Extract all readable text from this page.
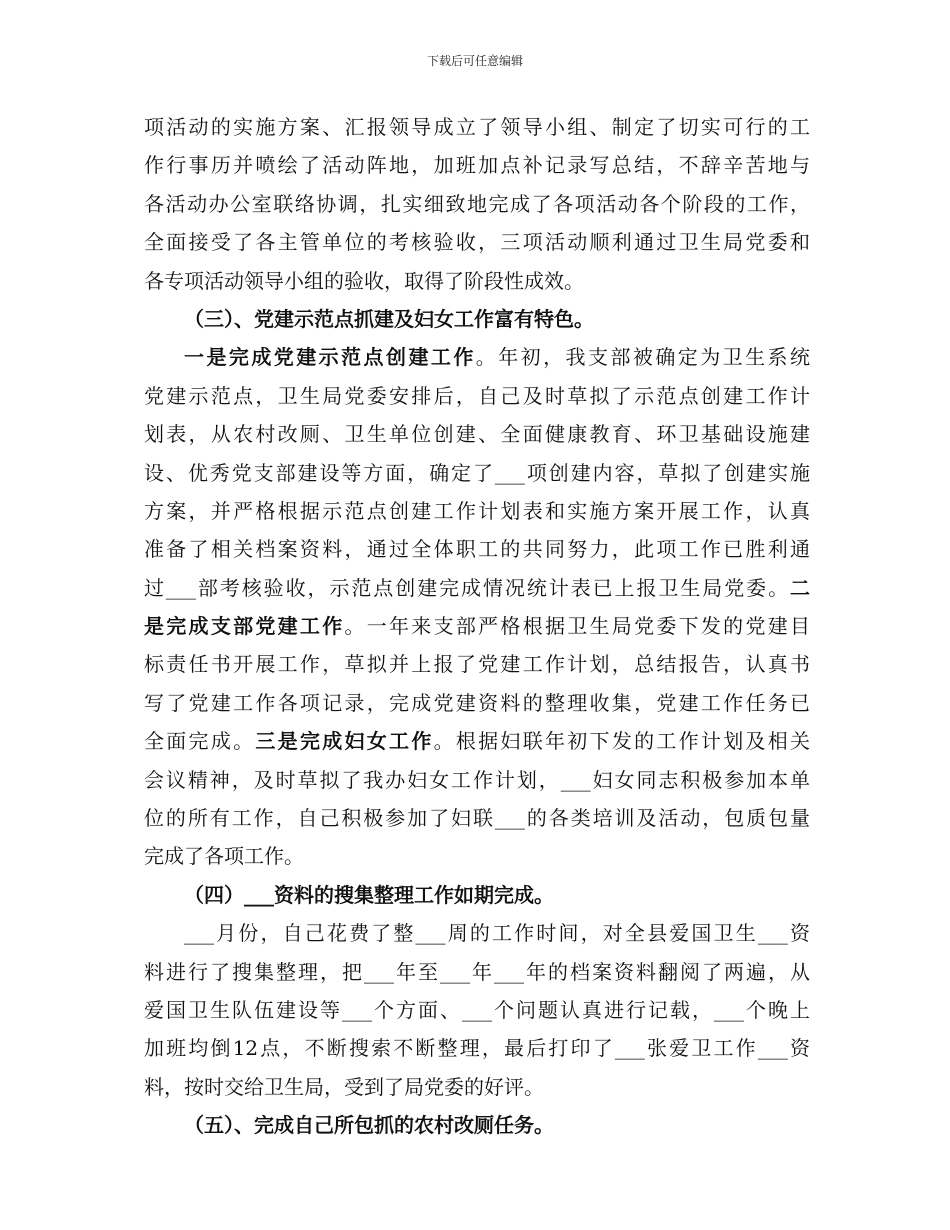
下载后可任意编辑
项活动的实施方案、汇报领导成立了领导小组、制定了切实可行的工
作行事历并喷绘了活动阵地，加班加点补记录写总结，不辞辛苦地与
各活动办公室联络协调，扎实细致地完成了各项活动各个阶段的工作，
全面接受了各主管单位的考核验收，三项活动顺利通过卫生局党委和
各专项活动领导小组的验收，取得了阶段性成效。
（三）、党建示范点抓建及妇女工作富有特色。
一是完成党建示范点创建工作。年初，我支部被确定为卫生系统
党建示范点，卫生局党委安排后，自己及时草拟了示范点创建工作计
划表，从农村改厕、卫生单位创建、全面健康教育、环卫基础设施建
设、优秀党支部建设等方面，确定了___项创建内容，草拟了创建实施
方案，并严格根据示范点创建工作计划表和实施方案开展工作，认真
准备了相关档案资料，通过全体职工的共同努力，此项工作已胜利通
过___部考核验收，示范点创建完成情况统计表已上报卫生局党委。二
是完成支部党建工作。一年来支部严格根据卫生局党委下发的党建目
标责任书开展工作，草拟并上报了党建工作计划，总结报告，认真书
写了党建工作各项记录，完成党建资料的整理收集，党建工作任务已
全面完成。三是完成妇女工作。根据妇联年初下发的工作计划及相关
会议精神，及时草拟了我办妇女工作计划，___妇女同志积极参加本单
位的所有工作，自己积极参加了妇联___的各类培训及活动，包质包量
完成了各项工作。
（四）___资料的搜集整理工作如期完成。
___月份，自己花费了整___周的工作时间，对全县爱国卫生___资
料进行了搜集整理，把___年至___年___年的档案资料翻阅了两遍，从
爱国卫生队伍建设等___个方面、___个问题认真进行记载，___个晚上
加班均倒12点，不断搜索不断整理，最后打印了___张爱卫工作___资
料，按时交给卫生局，受到了局党委的好评。
（五）、完成自己所包抓的农村改厕任务。
